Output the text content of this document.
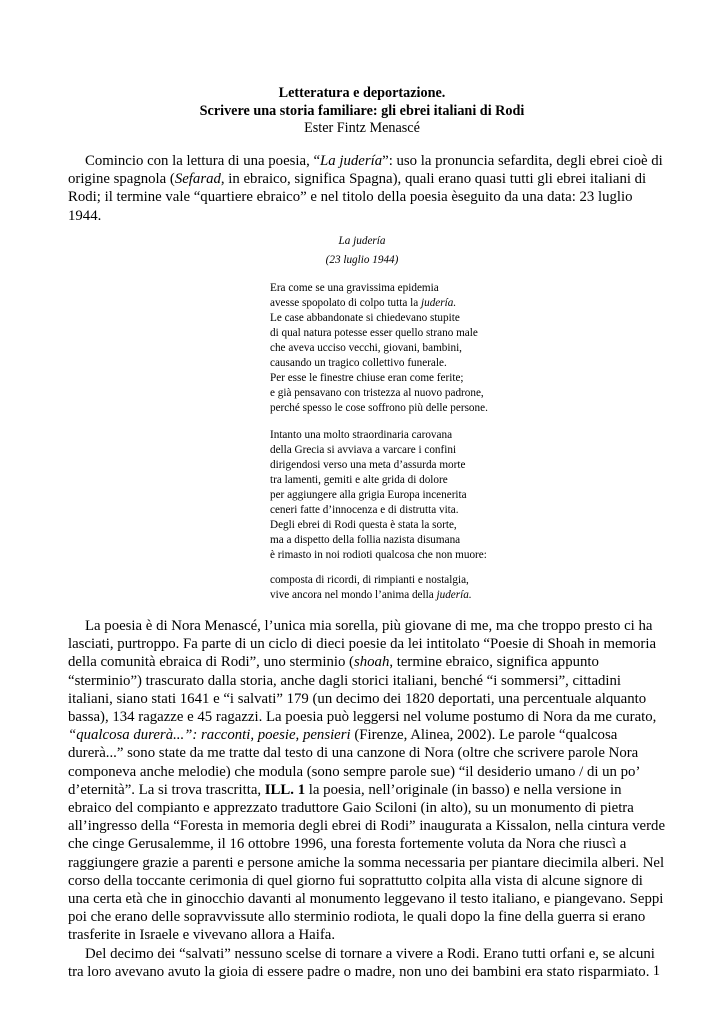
Letteratura e deportazione.
Scrivere una storia familiare: gli ebrei italiani di Rodi
Ester Fintz Menascé

Comincio con la lettura di una poesia, “La judería”: uso la pronuncia sefardita, degli ebrei cioè di origine spagnola (Sefarad, in ebraico, significa Spagna), quali erano quasi tutti gli ebrei italiani di Rodi; il termine vale “quartiere ebraico” e nel titolo della poesia èseguito da una data: 23 luglio 1944.

La judería
(23 luglio 1944)
Era come se una gravissima epidemia
avesse spopolato di colpo tutta la judería.
Le case abbandonate si chiedevano stupite
di qual natura potesse esser quello strano male
che aveva ucciso vecchi, giovani, bambini,
causando un tragico collettivo funerale.
Per esse le finestre chiuse eran come ferite;
e già pensavano con tristezza al nuovo padrone,
perché spesso le cose soffrono più delle persone.
Intanto una molto straordinaria carovana
della Grecia si avviava a varcare i confini
dirigendosi verso una meta d’assurda morte
tra lamenti, gemiti e alte grida di dolore
per aggiungere alla grigia Europa incenerita
ceneri fatte d’innocenza e di distrutta vita.
Degli ebrei di Rodi questa è stata la sorte,
ma a dispetto della follia nazista disumana
è rimasto in noi rodioti qualcosa che non muore:
composta di ricordi, di rimpianti e nostalgia,
vive ancora nel mondo l’anima della judería.

La poesia è di Nora Menascé, l’unica mia sorella, più giovane di me, ma che troppo presto ci ha lasciati, purtroppo. Fa parte di un ciclo di dieci poesie da lei intitolato “Poesie di Shoah in memoria della comunità ebraica di Rodi”, uno sterminio (shoah, termine ebraico, significa appunto “sterminio”) trascurato dalla storia, anche dagli storici italiani, benché “i sommersi”, cittadini italiani, siano stati 1641 e “i salvati” 179 (un decimo dei 1820 deportati, una percentuale alquanto bassa), 134 ragazze e 45 ragazzi. La poesia può leggersi nel volume postumo di Nora da me curato, “qualcosa durerà...”: racconti, poesie, pensieri (Firenze, Alinea, 2002). Le parole “qualcosa durerà...” sono state da me tratte dal testo di una canzone di Nora (oltre che scrivere parole Nora componeva anche melodie) che modula (sono sempre parole sue) “il desiderio umano / di un po’ d’eternità”. La si trova trascritta, ILL. 1 la poesia, nell’originale (in basso) e nella versione in ebraico del compianto e apprezzato traduttore Gaio Sciloni (in alto), su un monumento di pietra all’ingresso della “Foresta in memoria degli ebrei di Rodi” inaugurata a Kissalon, nella cintura verde che cinge Gerusalemme, il 16 ottobre 1996, una foresta fortemente voluta da Nora che riuscì a raggiungere grazie a parenti e persone amiche la somma necessaria per piantare diecimila alberi. Nel corso della toccante cerimonia di quel giorno fui soprattutto colpita alla vista di alcune signore di una certa età che in ginocchio davanti al monumento leggevano il testo italiano, e piangevano. Seppi poi che erano delle sopravvissute allo sterminio rodiota, le quali dopo la fine della guerra si erano trasferite in Israele e vivevano allora a Haifa.

Del decimo dei “salvati” nessuno scelse di tornare a vivere a Rodi. Erano tutti orfani e, se alcuni tra loro avevano avuto la gioia di essere padre o madre, non uno dei bambini era stato risparmiato. 1
